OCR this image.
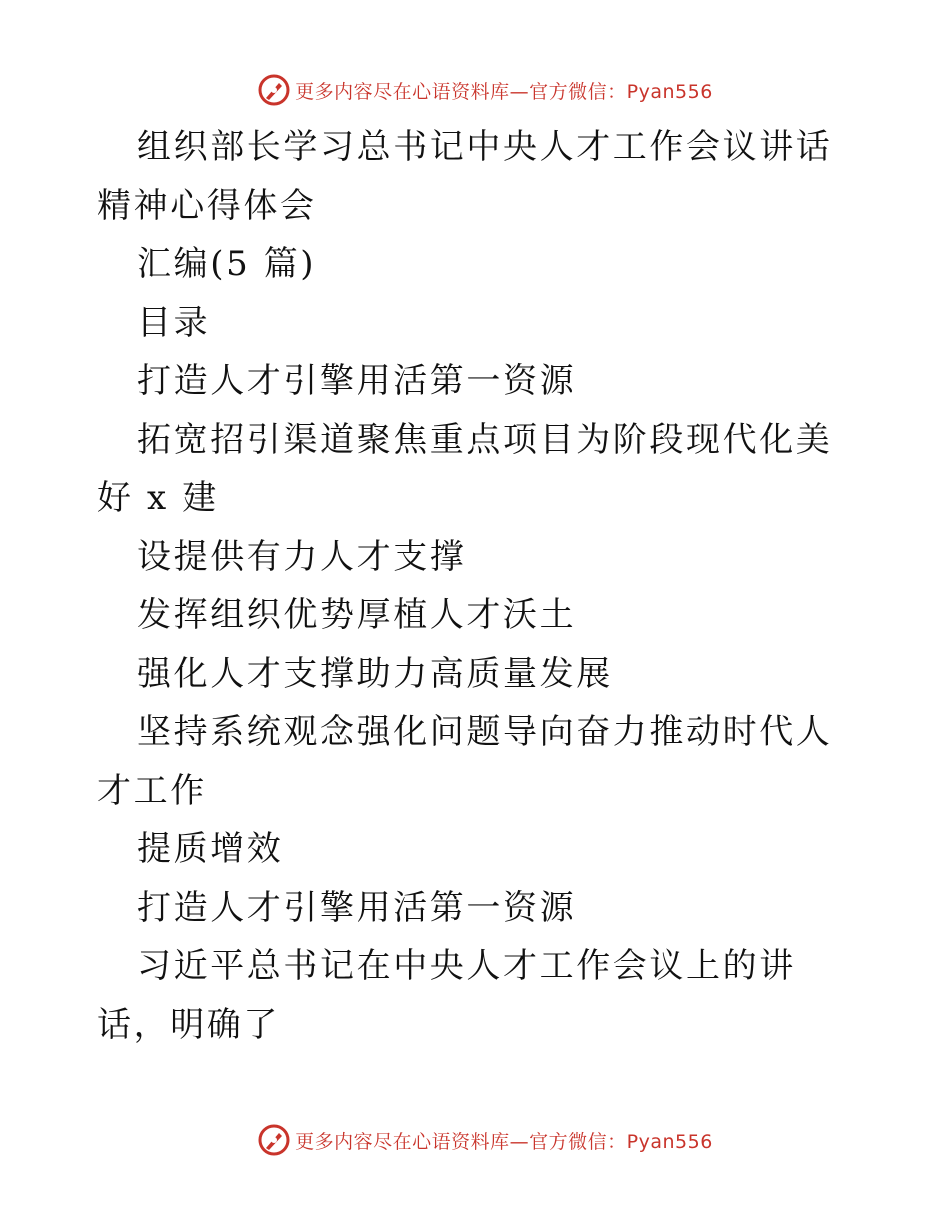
更多内容尽在心语资料库—官方微信：Pyan556

组织部长学习总书记中央人才工作会议讲话精神心得体会

汇编(5 篇)

目录

打造人才引擎用活第一资源

拓宽招引渠道聚焦重点项目为阶段现代化美好 x 建

设提供有力人才支撑

发挥组织优势厚植人才沃土

强化人才支撑助力高质量发展

坚持系统观念强化问题导向奋力推动时代人才工作

提质增效

打造人才引擎用活第一资源

习近平总书记在中央人才工作会议上的讲话，明确了

更多内容尽在心语资料库—官方微信：Pyan556
